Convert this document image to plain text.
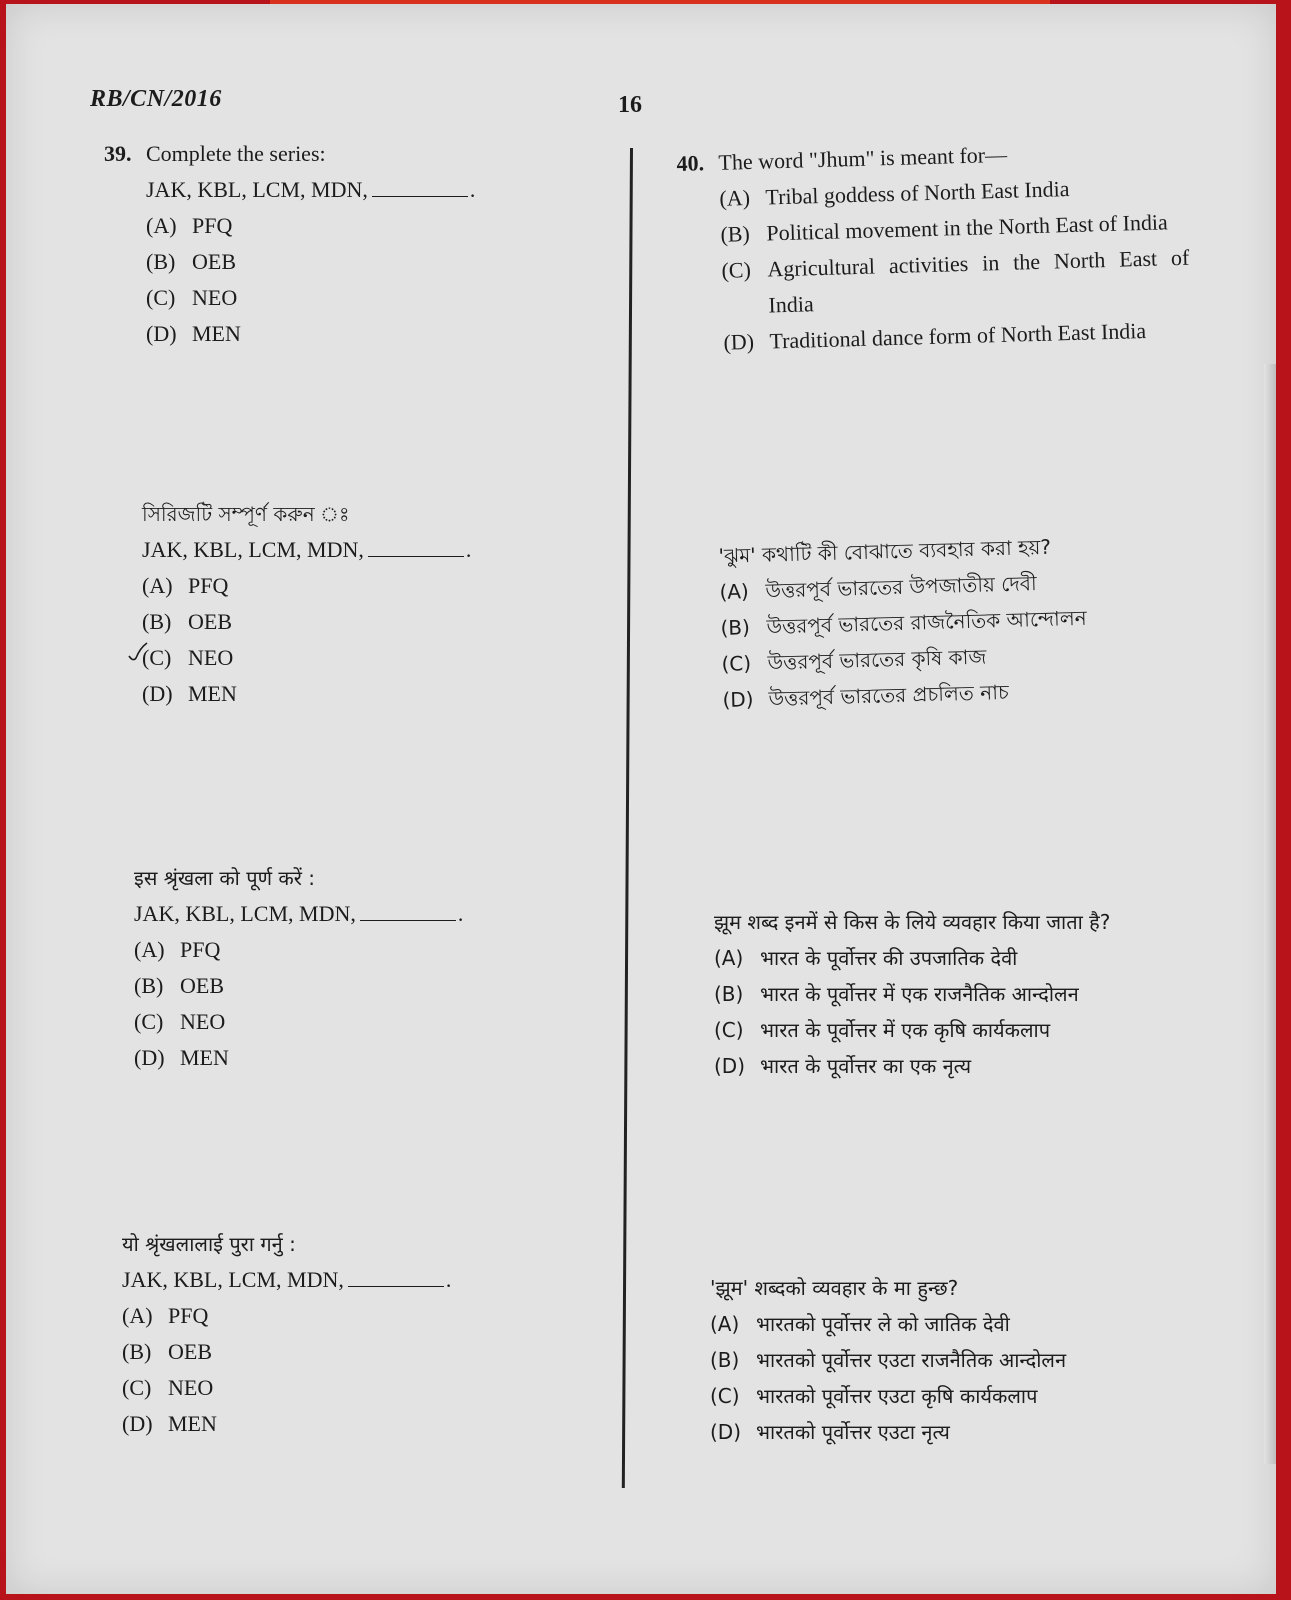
RB/CN/2016	16
39. Complete the series:
JAK, KBL, LCM, MDN,	.
(A) PFQ
(B) OEB
(C) NEO
(D) MEN
সিরিজটি সম্পূর্ণ করুন ঃ
JAK, KBL, LCM, MDN,	.
(A) PFQ
(B) OEB
(C) NEO
(D) MEN
इस श्रृंखला को पूर्ण करें :
JAK, KBL, LCM, MDN,	.
(A) PFQ
(B) OEB
(C) NEO
(D) MEN
यो श्रृंखलालाई पुरा गर्नु :
JAK, KBL, LCM, MDN,	.
(A) PFQ
(B) OEB
(C) NEO
(D) MEN
40. The word "Jhum" is meant for—
(A) Tribal goddess of North East India
(B) Political movement in the North East of India
(C) Agricultural activities in the North East of India
(D) Traditional dance form of North East India
'ঝুম' কথাটি কী বোঝাতে ব্যবহার করা হয়?
(A) উত্তরপূর্ব ভারতের উপজাতীয় দেবী
(B) উত্তরপূর্ব ভারতের রাজনৈতিক আন্দোলন
(C) উত্তরপূর্ব ভারতের কৃষি কাজ
(D) উত্তরপূর্ব ভারতের প্রচলিত নাচ
झूम शब्द इनमें से किस के लिये व्यवहार किया जाता है?
(A) भारत के पूर्वोत्तर की उपजातिक देवी
(B) भारत के पूर्वोत्तर में एक राजनैतिक आन्दोलन
(C) भारत के पूर्वोत्तर में एक कृषि कार्यकलाप
(D) भारत के पूर्वोत्तर का एक नृत्य
'झूम' शब्दको व्यवहार के मा हुन्छ?
(A) भारतको पूर्वोत्तर ले को जातिक देवी
(B) भारतको पूर्वोत्तर एउटा राजनैतिक आन्दोलन
(C) भारतको पूर्वोत्तर एउटा कृषि कार्यकलाप
(D) भारतको पूर्वोत्तर एउटा नृत्य
